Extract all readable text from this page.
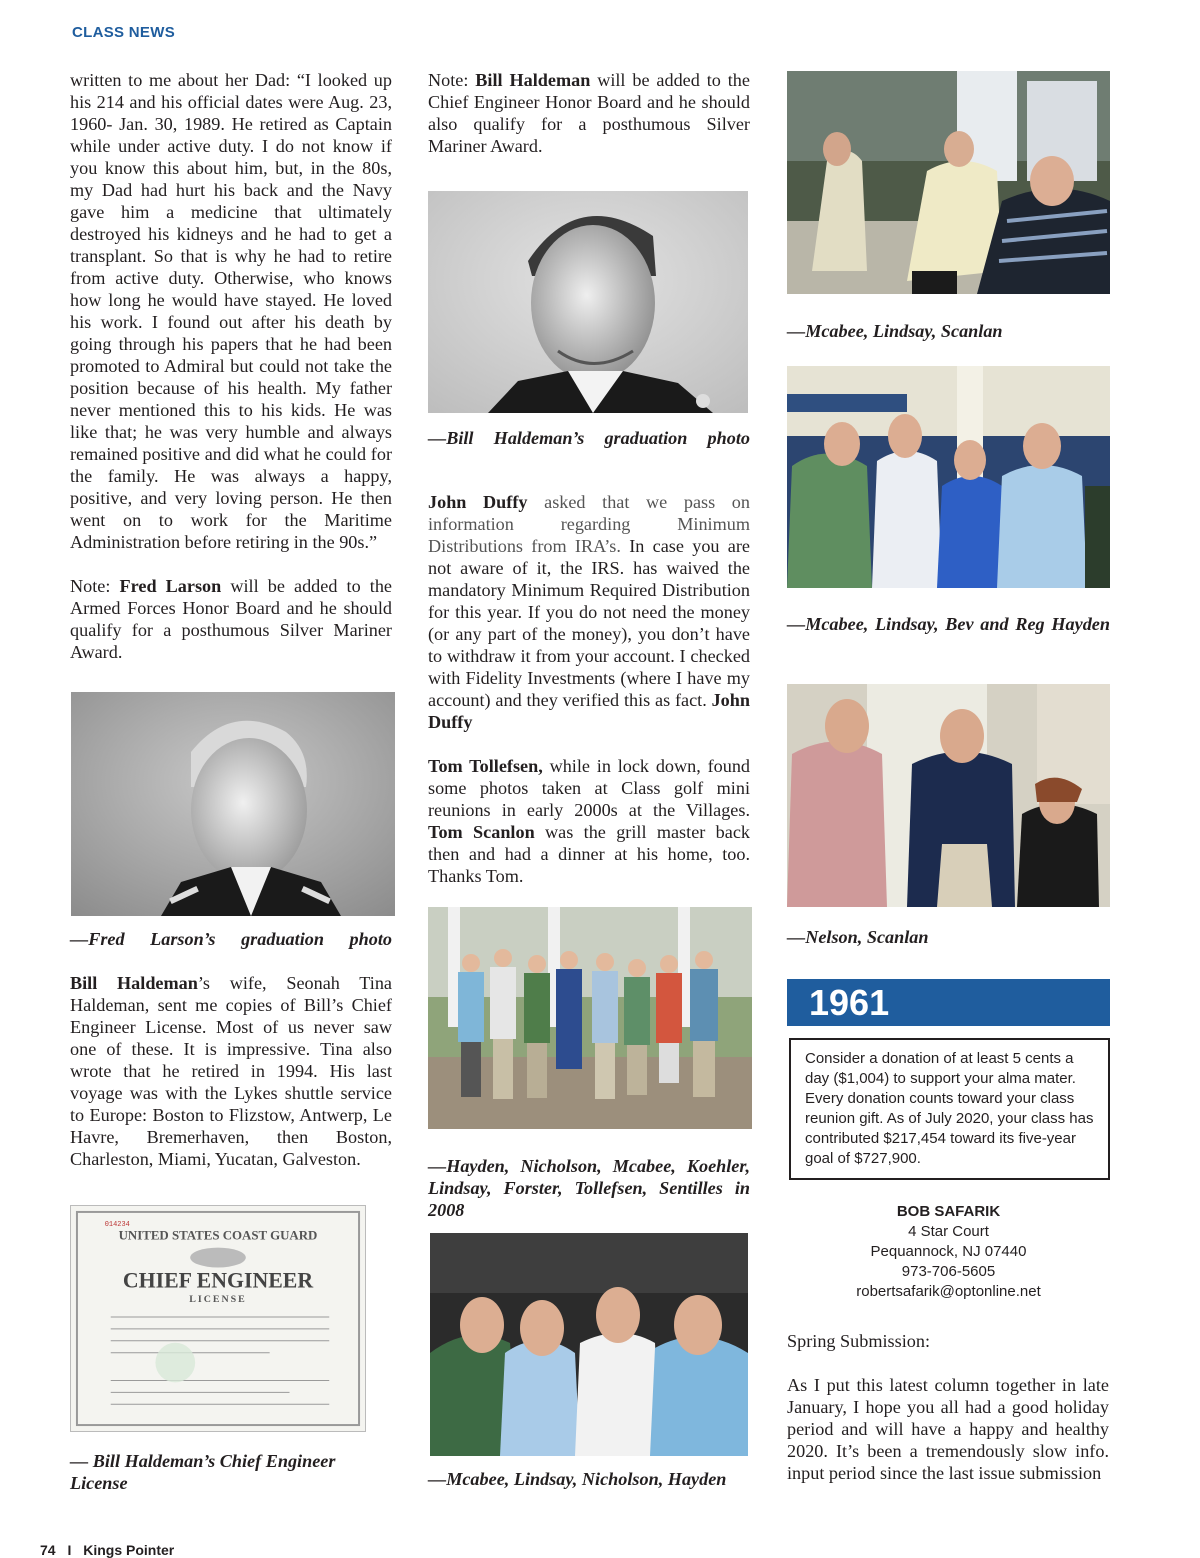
CLASS NEWS

written to me about her Dad: “I looked up his 214 and his official dates were Aug. 23, 1960- Jan. 30, 1989. He retired as Captain while under active duty. I do not know if you know this about him, but, in the 80s, my Dad had hurt his back and the Navy gave him a medicine that ultimately destroyed his kidneys and he had to get a transplant. So that is why he had to retire from active duty. Otherwise, who knows how long he would have stayed. He loved his work. I found out after his death by going through his papers that he had been promoted to Admiral but could not take the position because of his health. My father never mentioned this to his kids. He was like that; he was very humble and always remained positive and did what he could for the family. He was always a happy, positive, and very loving person. He then went on to work for the Maritime Administration before retiring in the 90s.”

Note: Fred Larson will be added to the Armed Forces Honor Board and he should qualify for a posthumous Silver Mariner Award.

—Fred Larson’s graduation photo

Bill Haldeman’s wife, Seonah Tina Haldeman, sent me copies of Bill’s Chief Engineer License. Most of us never saw one of these. It is impressive. Tina also wrote that he retired in 1994. His last voyage was with the Lykes shuttle service to Europe: Boston to Flizstow, Antwerp, Le Havre, Bremerhaven, then Boston, Charleston, Miami, Yucatan, Galveston.

UNITED STATES COAST GUARD
CHIEF ENGINEER
LICENSE
014234
— Bill Haldeman’s Chief Engineer License

Note: Bill Haldeman will be added to the Chief Engineer Honor Board and he should also qualify for a posthumous Silver Mariner Award.

—Bill Haldeman’s graduation photo

John Duffy asked that we pass on information regarding Minimum Distributions from IRA’s. In case you are not aware of it, the IRS. has waived the mandatory Minimum Required Distribution for this year. If you do not need the money (or any part of the money), you don’t have to withdraw it from your account. I checked with Fidelity Investments (where I have my account) and they verified this as fact. John Duffy

Tom Tollefsen, while in lock down, found some photos taken at Class golf mini reunions in early 2000s at the Villages. Tom Scanlon was the grill master back then and had a dinner at his home, too. Thanks Tom.

—Hayden, Nicholson, Mcabee, Koehler, Lindsay, Forster, Tollefsen, Sentilles in 2008
—Mcabee, Lindsay, Nicholson, Hayden
—Mcabee, Lindsay, Scanlan
—Mcabee, Lindsay, Bev and Reg Hayden
—Nelson, Scanlan
1961

Consider a donation of at least 5 cents a day ($1,004) to support your alma mater. Every donation counts toward your class reunion gift. As of July 2020, your class has contributed $217,454 toward its five-year goal of $727,900.

BOB SAFARIK
4 Star Court
Pequannock, NJ 07440
973-706-5605
robertsafarik@optonline.net

Spring Submission:

As I put this latest column together in late January, I hope you all had a good holiday period and will have a happy and healthy 2020. It’s been a tremendously slow info. input period since the last issue submission

74 I Kings Pointer
